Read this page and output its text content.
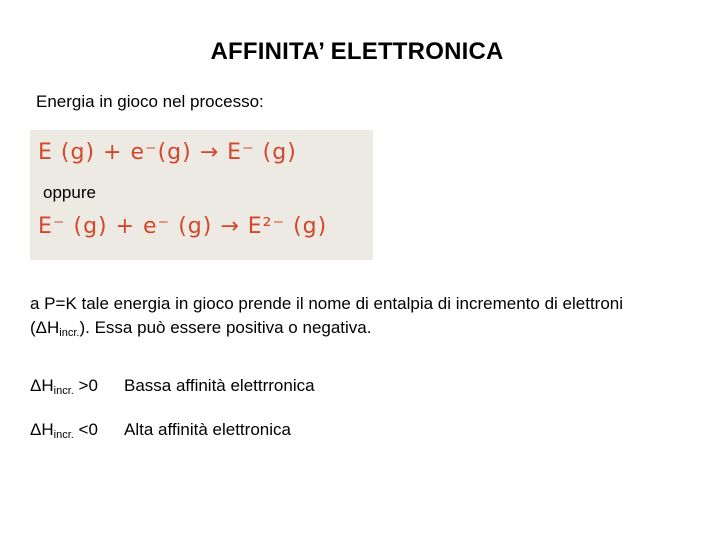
AFFINITA’ ELETTRONICA
Energia in gioco nel processo:
E (g) + e⁻(g) → E⁻ (g)
oppure
E⁻ (g) + e⁻ (g) → E²⁻ (g)
a P=K tale energia in gioco prende il nome di entalpia di incremento di elettroni
$(\Delta H_{incr.})$. Essa può essere positiva o negativa.
$\Delta H_{incr.} >0$ Bassa affinità elettrronica
$\Delta H_{incr.} <0$ Alta affinità elettronica
